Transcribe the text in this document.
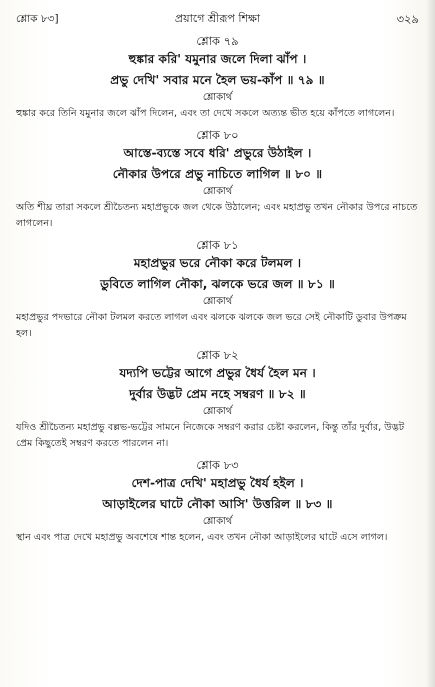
শ্লোক ৮৩]	প্রয়াগে শ্রীরূপ শিক্ষা	৩২৯
শ্লোক ৭৯
হুঙ্কার করি' যমুনার জলে দিলা ঝাঁপ ।
প্রভু দেখি' সবার মনে হৈল ভয়-কাঁপ ॥ ৭৯ ॥
শ্লোকার্থ

হুঙ্কার করে তিনি যমুনার জলে ঝাঁপ দিলেন, এবং তা দেখে সকলে অত্যন্ত ভীত হয়ে কাঁপতে লাগলেন।

শ্লোক ৮০
আস্তে-ব্যস্তে সবে ধরি' প্রভুরে উঠাইল ।
নৌকার উপরে প্রভু নাচিতে লাগিল ॥ ৮০ ॥
শ্লোকার্থ

অতি শীঘ্র তারা সকলে শ্রীচৈতন্য মহাপ্রভুকে জল থেকে উঠালেন; এবং মহাপ্রভু তখন নৌকার উপরে নাচতে লাগলেন।

শ্লোক ৮১
মহাপ্রভুর ভরে নৌকা করে টলমল ।
ডুবিতে লাগিল নৌকা, ঝলকে ভরে জল ॥ ৮১ ॥
শ্লোকার্থ

মহাপ্রভুর পদভারে নৌকা টলমল করতে লাগল এবং ঝলকে ঝলকে জল ভরে সেই নৌকাটি ডুবার উপক্রম হল।

শ্লোক ৮২
যদ্যপি ভট্টের আগে প্রভুর ধৈর্য হৈল মন ।
দুর্বার উদ্ভট প্রেম নহে সম্বরণ ॥ ৮২ ॥
শ্লোকার্থ

যদিও শ্রীচৈতন্য মহাপ্রভু বল্লভ-ভট্টের সামনে নিজেকে সম্বরণ করার চেষ্টা করলেন, কিন্তু তাঁর দুর্বার, উদ্ভট প্রেম কিছুতেই সম্বরণ করতে পারলেন না।

শ্লোক ৮৩
দেশ-পাত্র দেখি' মহাপ্রভু ধৈর্য হইল ।
আড়াইলের ঘাটে নৌকা আসি' উত্তরিল ॥ ৮৩ ॥
শ্লোকার্থ

স্থান এবং পাত্র দেখে মহাপ্রভু অবশেষে শান্ত হলেন, এবং তখন নৌকা আড়াইলের ঘাটে এসে লাগল।
